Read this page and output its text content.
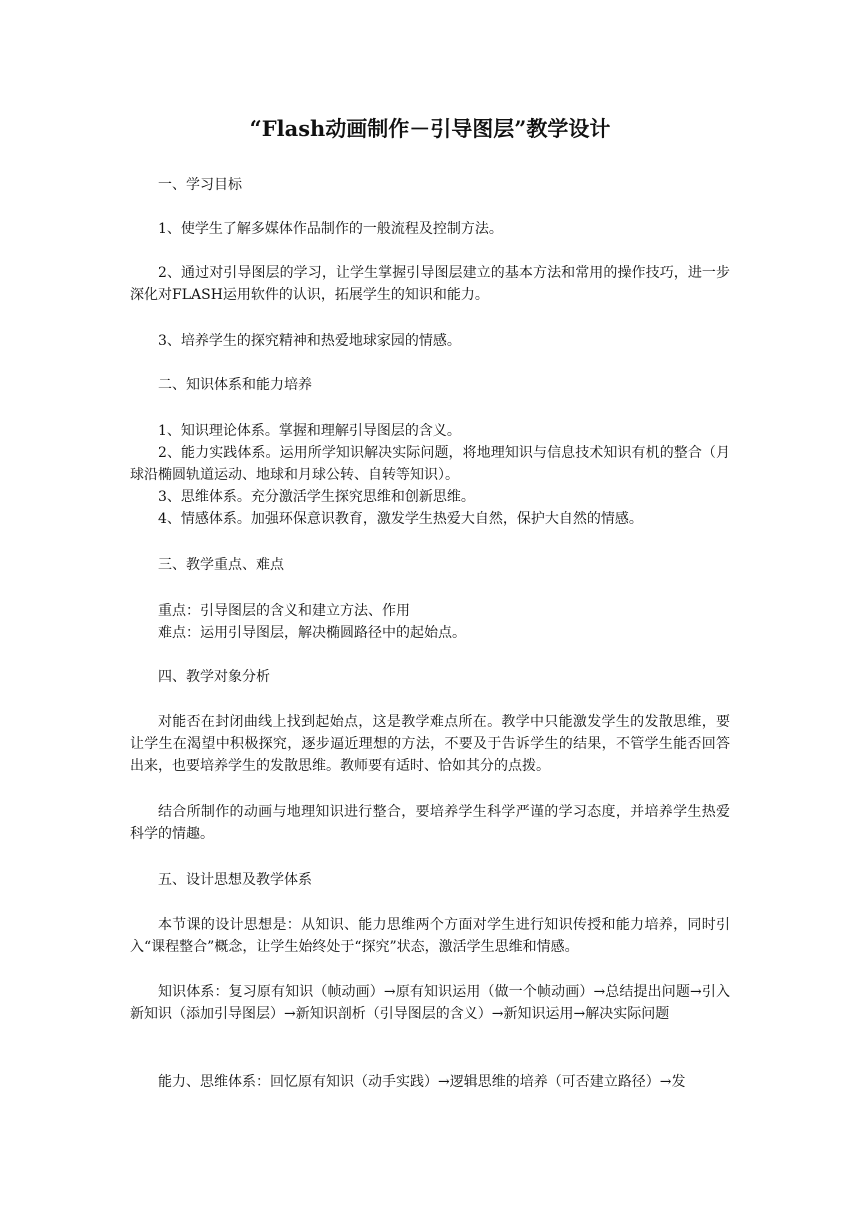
“Flash动画制作－引导图层”教学设计

一、学习目标

1、使学生了解多媒体作品制作的一般流程及控制方法。

2、通过对引导图层的学习，让学生掌握引导图层建立的基本方法和常用的操作技巧，进一步深化对FLASH运用软件的认识，拓展学生的知识和能力。

3、培养学生的探究精神和热爱地球家园的情感。

二、知识体系和能力培养

1、知识理论体系。掌握和理解引导图层的含义。

2、能力实践体系。运用所学知识解决实际问题，将地理知识与信息技术知识有机的整合（月球沿椭圆轨道运动、地球和月球公转、自转等知识）。

3、思维体系。充分激活学生探究思维和创新思维。

4、情感体系。加强环保意识教育，激发学生热爱大自然，保护大自然的情感。

三、教学重点、难点

重点：引导图层的含义和建立方法、作用

难点：运用引导图层，解决椭圆路径中的起始点。

四、教学对象分析

对能否在封闭曲线上找到起始点，这是教学难点所在。教学中只能激发学生的发散思维，要让学生在渴望中积极探究，逐步逼近理想的方法，不要及于告诉学生的结果，不管学生能否回答出来，也要培养学生的发散思维。教师要有适时、恰如其分的点拨。

结合所制作的动画与地理知识进行整合，要培养学生科学严谨的学习态度，并培养学生热爱科学的情趣。

五、设计思想及教学体系

本节课的设计思想是：从知识、能力思维两个方面对学生进行知识传授和能力培养，同时引入“课程整合”概念，让学生始终处于“探究”状态，激活学生思维和情感。

知识体系：复习原有知识（帧动画）→原有知识运用（做一个帧动画）→总结提出问题→引入新知识（添加引导图层）→新知识剖析（引导图层的含义）→新知识运用→解决实际问题

能力、思维体系：回忆原有知识（动手实践）→逻辑思维的培养（可否建立路径）→发
